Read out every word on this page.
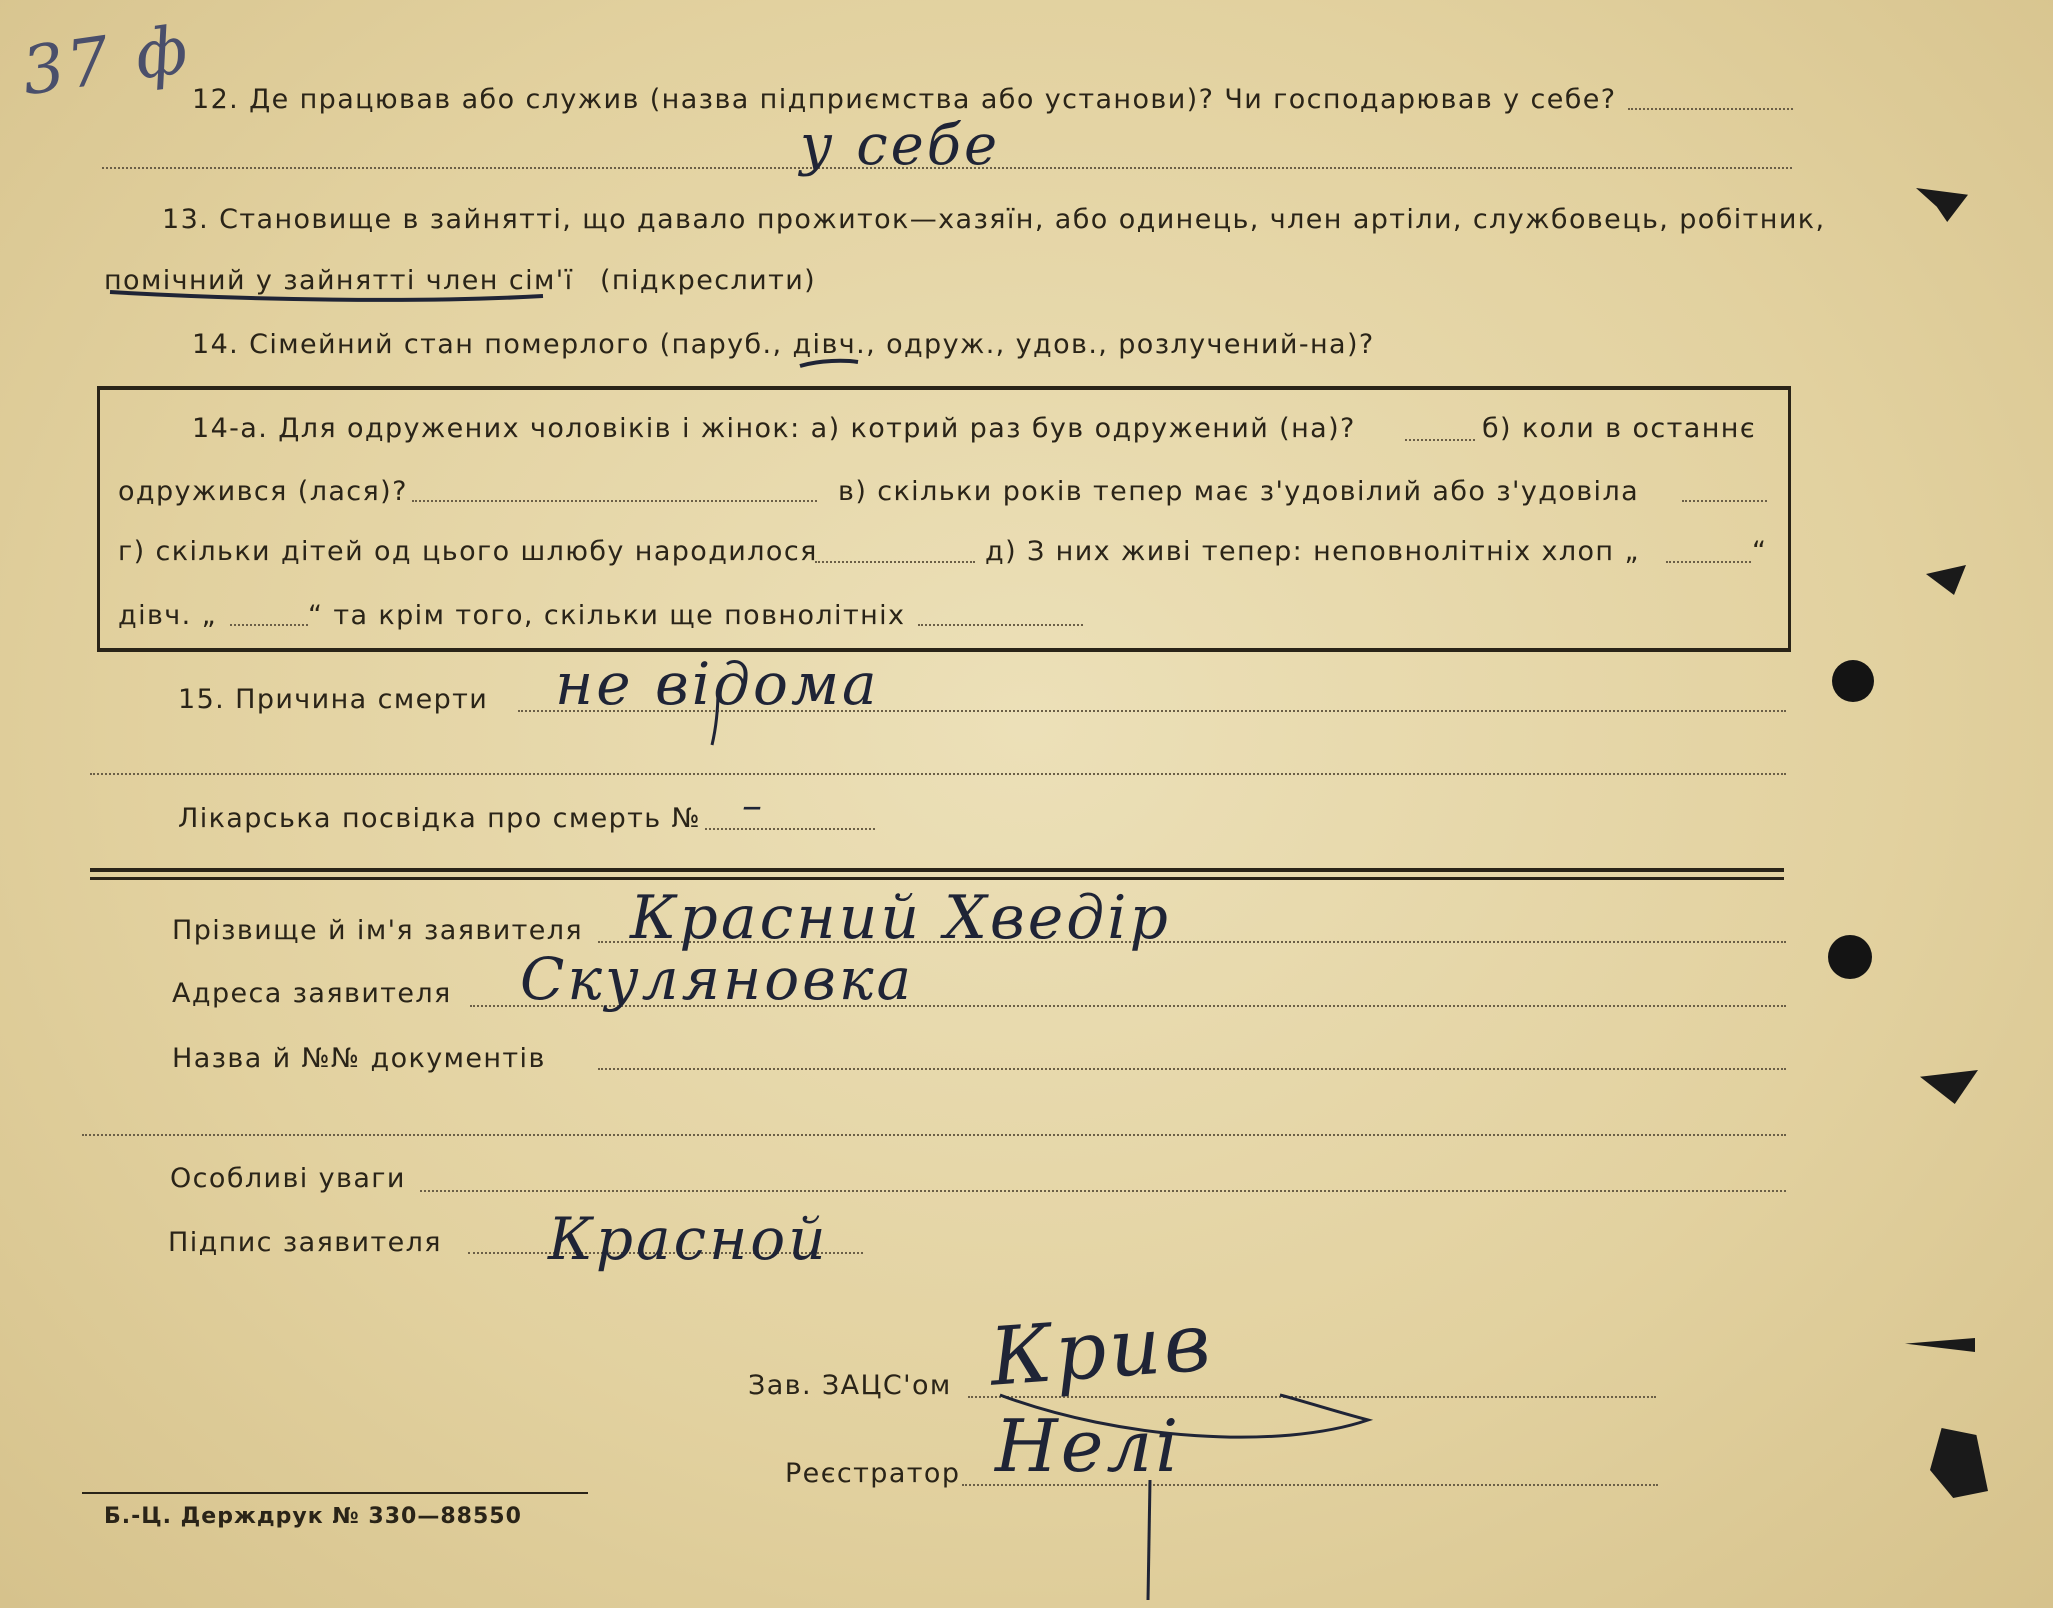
37 ф
12. Де працював або служив (назва підприємства або установи)? Чи господарював у себе?
у себе
13. Становище в зайнятті, що давало прожиток—хазяїн, або одинець, член артіли, службовець, робітник,
помічний у зайнятті член сім'ї (підкреслити)
14. Сімейний стан померлого (паруб., дівч., одруж., удов., розлучений-на)?
14-а. Для одружених чоловіків і жінок: а) котрий раз був одружений (на)?	б) коли в останнє
одружився (лася)?	в) скільки років тепер має з'удовілий або з'удовіла
г) скільки дітей од цього шлюбу народилося	д) З них живі тепер: неповнолітніх хлоп „	“
дівч. „	“ та крім того, скільки ще повнолітніх
15. Причина смерти не відома
Лікарська посвідка про смерть № –
Прізвище й ім'я заявителя Красний Хведір
Адреса заявителя Скуляновка
Назва й №№ документів
Особливі уваги
Підпис заявителя Красной
Зав. ЗАЦС'ом Крив
Реєстратор Нелі
Б.-Ц. Держдрук № 330—88550
